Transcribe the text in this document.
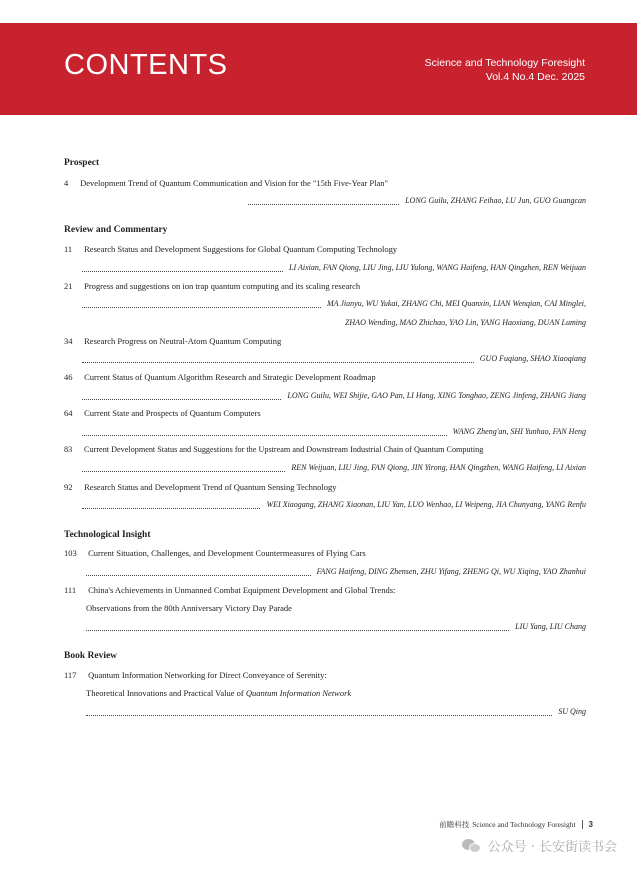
CONTENTS	Science and Technology Foresight
Vol.4 No.4 Dec. 2025
Prospect
4 Development Trend of Quantum Communication and Vision for the "15th Five-Year Plan"
LONG Guilu, ZHANG Feihao, LU Jun, GUO Guangcan
Review and Commentary
11 Research Status and Development Suggestions for Global Quantum Computing Technology
LI Aixian, FAN Qiong, LIU Jing, LIU Yulong, WANG Haifeng, HAN Qingzhen, REN Weijuan
21 Progress and suggestions on ion trap quantum computing and its scaling research
MA Jianyu, WU Yukai, ZHANG Chi, MEI Quanxin, LIAN Wenqian, CAI Minglei,
ZHAO Wending, MAO Zhichao, YAO Lin, YANG Haoxiang, DUAN Luming
34 Research Progress on Neutral-Atom Quantum Computing
GUO Fuqiang, SHAO Xiaoqiang
46 Current Status of Quantum Algorithm Research and Strategic Development Roadmap
LONG Guilu, WEI Shijie, GAO Pan, LI Hang, XING Tonghao, ZENG Jinfeng, ZHANG Jiang
64 Current State and Prospects of Quantum Computers
WANG Zheng'an, SHI Yunhao, FAN Heng
83 Current Development Status and Suggestions for the Upstream and Downstream Industrial Chain of Quantum Computing
REN Weijuan, LIU Jing, FAN Qiong, JIN Yirong, HAN Qingzhen, WANG Haifeng, LI Aixian
92 Research Status and Development Trend of Quantum Sensing Technology
WEI Xiaogang, ZHANG Xiaonan, LIU Yan, LUO Wenhao, LI Weipeng, JIA Chunyang, YANG Renfu
Technological Insight
103 Current Situation, Challenges, and Development Countermeasures of Flying Cars
FANG Haifeng, DING Zhensen, ZHU Yifang, ZHENG Qi, WU Xiqing, YAO Zhanhui
111 China's Achievements in Unmanned Combat Equipment Development and Global Trends:
Observations from the 80th Anniversary Victory Day Parade
LIU Yang, LIU Chang
Book Review
117 Quantum Information Networking for Direct Conveyance of Serenity:
Theoretical Innovations and Practical Value of Quantum Information Network
SU Qing
前瞻科技 Science and Technology Foresight 3
公众号 · 长安街读书会
